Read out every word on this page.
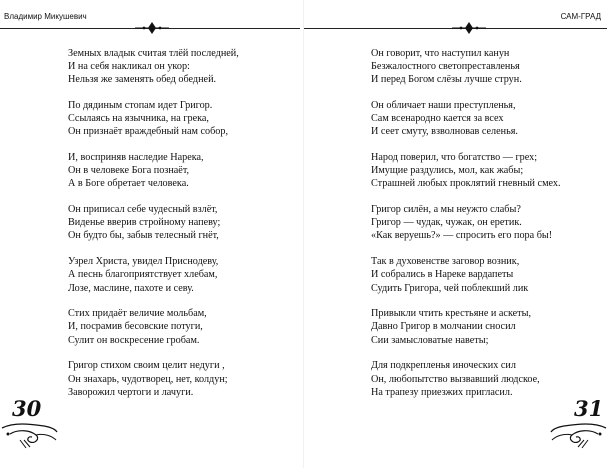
Владимир Микушевич
Земных владык считая тлёй последней,
И на себя накликал он укор:
Нельзя же заменять обед обедней.
По дядиным стопам идет Григор.
Ссылаясь на язычника, на грека,
Он признаёт враждебный нам собор,
И, восприняв наследие Нарека,
Он в человеке Бога познаёт,
А в Боге обретает человека.
Он приписал себе чудесный взлёт,
Виденье вверив стройному напеву;
Он будто бы, забыв телесный гнёт,
Узрел Христа, увидел Приснодеву,
А песнь благоприятствует хлебам,
Лозе, маслине, пахоте и севу.
Стих придаёт величие мольбам,
И, посрамив бесовские потуги,
Сулит он воскресение гробам.
Григор стихом своим целит недуги ,
Он знахарь, чудотворец, нет, колдун;
Заворожил чертоги и лачуги.
30
САМ-ГРАД
Он говорит, что наступил канун
Безжалостного светопреставленья
И перед Богом слёзы лучше струн.
Он обличает наши преступленья,
Сам всенародно кается за всех
И сеет смуту, взволновав селенья.
Народ поверил, что богатство — грех;
Имущие раздулись, мол, как жабы;
Страшней любых проклятий гневный смех.
Григор силён, а мы неужто слабы?
Григор — чудак, чужак, он еретик.
«Как веруешь?» — спросить его пора бы!
Так в духовенстве заговор возник,
И собрались в Нареке вардапеты
Судить Григора, чей поблекший лик
Привыкли чтить крестьяне и аскеты,
Давно Григор в молчании сносил
Сии замысловатые наветы;
Для подкрепленья иноческих сил
Он, любопытство вызвавший людское,
На трапезу приезжих пригласил.
31
